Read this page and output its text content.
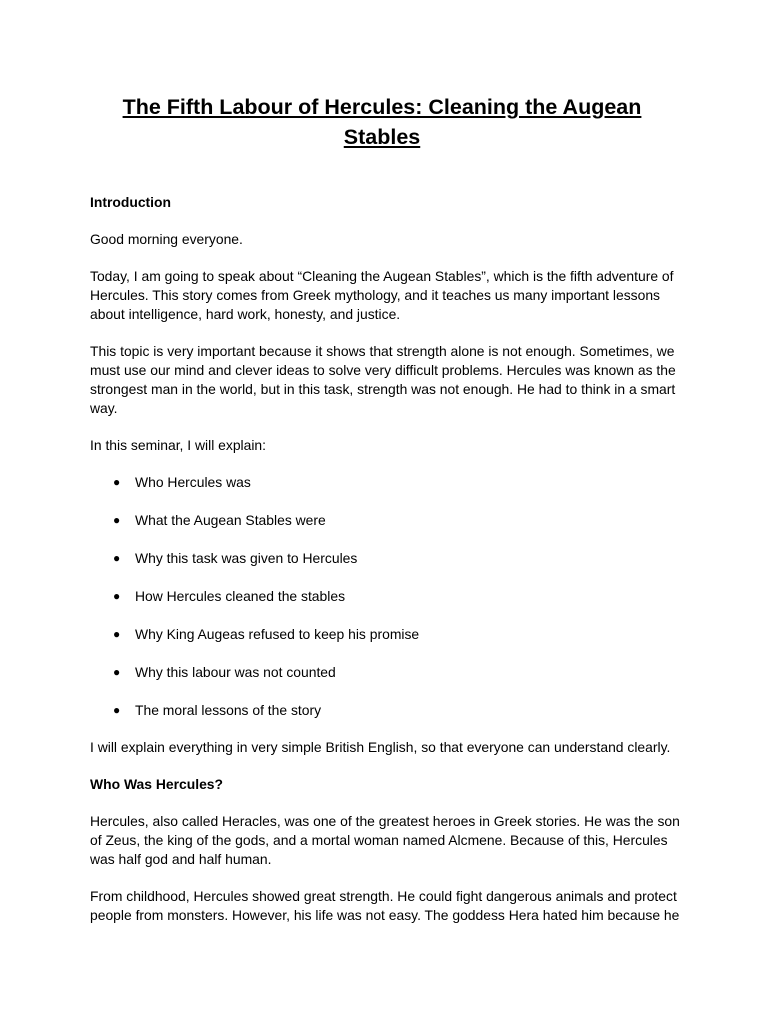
The Fifth Labour of Hercules: Cleaning the Augean Stables
Introduction

Good morning everyone.

Today, I am going to speak about “Cleaning the Augean Stables”, which is the fifth adventure of Hercules. This story comes from Greek mythology, and it teaches us many important lessons about intelligence, hard work, honesty, and justice.

This topic is very important because it shows that strength alone is not enough. Sometimes, we must use our mind and clever ideas to solve very difficult problems. Hercules was known as the strongest man in the world, but in this task, strength was not enough. He had to think in a smart way.

In this seminar, I will explain:

● Who Hercules was
● What the Augean Stables were
● Why this task was given to Hercules
● How Hercules cleaned the stables
● Why King Augeas refused to keep his promise
● Why this labour was not counted
● The moral lessons of the story

I will explain everything in very simple British English, so that everyone can understand clearly.

Who Was Hercules?

Hercules, also called Heracles, was one of the greatest heroes in Greek stories. He was the son of Zeus, the king of the gods, and a mortal woman named Alcmene. Because of this, Hercules was half god and half human.

From childhood, Hercules showed great strength. He could fight dangerous animals and protect people from monsters. However, his life was not easy. The goddess Hera hated him because he
